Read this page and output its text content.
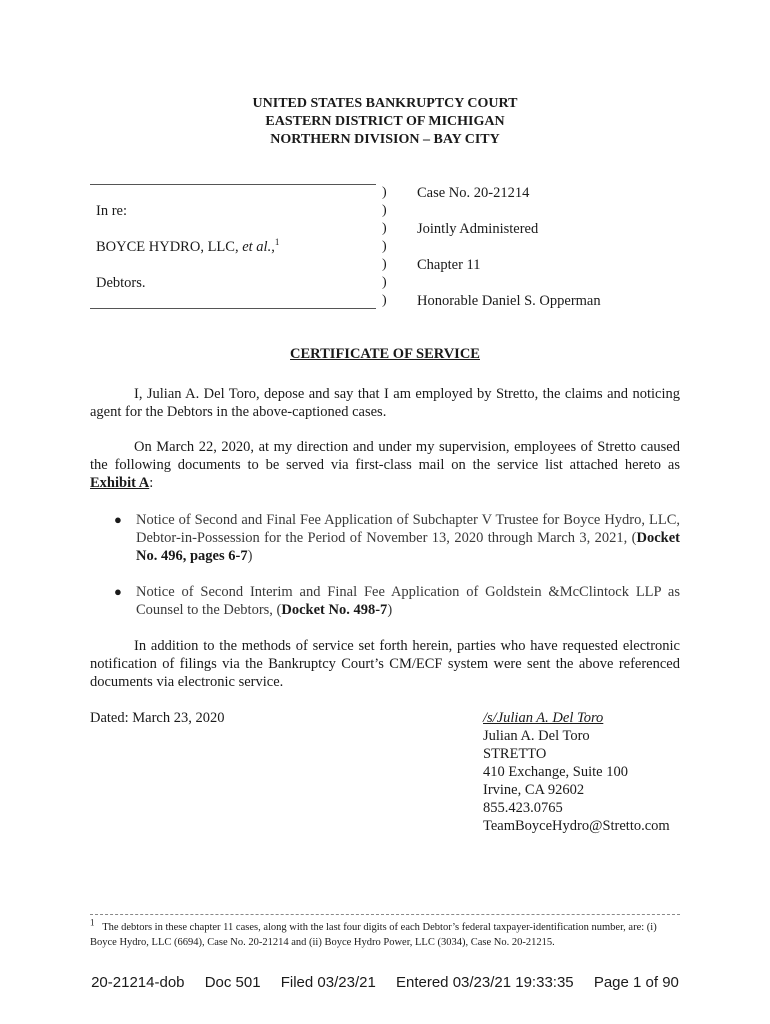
UNITED STATES BANKRUPTCY COURT
EASTERN DISTRICT OF MICHIGAN
NORTHERN DIVISION – BAY CITY
In re:
BOYCE HYDRO, LLC, et al.,$^1$
Debtors.
)
)
)
)
)
)
)
Case No. 20-21214
Jointly Administered
Chapter 11
Honorable Daniel S. Opperman
CERTIFICATE OF SERVICE
I, Julian A. Del Toro, depose and say that I am employed by Stretto, the claims and noticing agent for the Debtors in the above-captioned cases.
On March 22, 2020, at my direction and under my supervision, employees of Stretto caused the following documents to be served via first-class mail on the service list attached hereto as Exhibit A:
● Notice of Second and Final Fee Application of Subchapter V Trustee for Boyce Hydro, LLC, Debtor-in-Possession for the Period of November 13, 2020 through March 3, 2021, (Docket No. 496, pages 6-7)
● Notice of Second Interim and Final Fee Application of Goldstein &McClintock LLP as Counsel to the Debtors, (Docket No. 498-7)
In addition to the methods of service set forth herein, parties who have requested electronic notification of filings via the Bankruptcy Court’s CM/ECF system were sent the above referenced documents via electronic service.
Dated: March 23, 2020	/s/Julian A. Del Toro
Julian A. Del Toro
STRETTO
410 Exchange, Suite 100
Irvine, CA 92602
855.423.0765
TeamBoyceHydro@Stretto.com
$^1$ The debtors in these chapter 11 cases, along with the last four digits of each Debtor’s federal taxpayer-identification number, are: (i) Boyce Hydro, LLC (6694), Case No. 20-21214 and (ii) Boyce Hydro Power, LLC (3034), Case No. 20-21215.
20-21214-dob Doc 501 Filed 03/23/21 Entered 03/23/21 19:33:35 Page 1 of 90
